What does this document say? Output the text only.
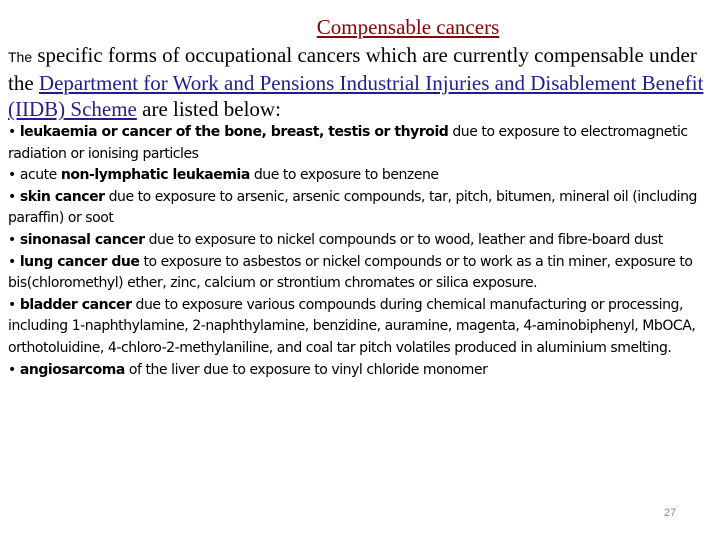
Compensable cancers

The specific forms of occupational cancers which are currently compensable under the Department for Work and Pensions Industrial Injuries and Disablement Benefit (IIDB) Scheme are listed below:

• leukaemia or cancer of the bone, breast, testis or thyroid due to exposure to electromagnetic radiation or ionising particles
• acute non-lymphatic leukaemia due to exposure to benzene
• skin cancer due to exposure to arsenic, arsenic compounds, tar, pitch, bitumen, mineral oil (including paraffin) or soot
• sinonasal cancer due to exposure to nickel compounds or to wood, leather and fibre-board dust
• lung cancer due to exposure to asbestos or nickel compounds or to work as a tin miner, exposure to bis(chloromethyl) ether, zinc, calcium or strontium chromates or silica exposure.
• bladder cancer due to exposure various compounds during chemical manufacturing or processing, including 1-naphthylamine, 2-naphthylamine, benzidine, auramine, magenta, 4-aminobiphenyl, MbOCA, orthotoluidine, 4-chloro-2-methylaniline, and coal tar pitch volatiles produced in aluminium smelting.
• angiosarcoma of the liver due to exposure to vinyl chloride monomer
27
